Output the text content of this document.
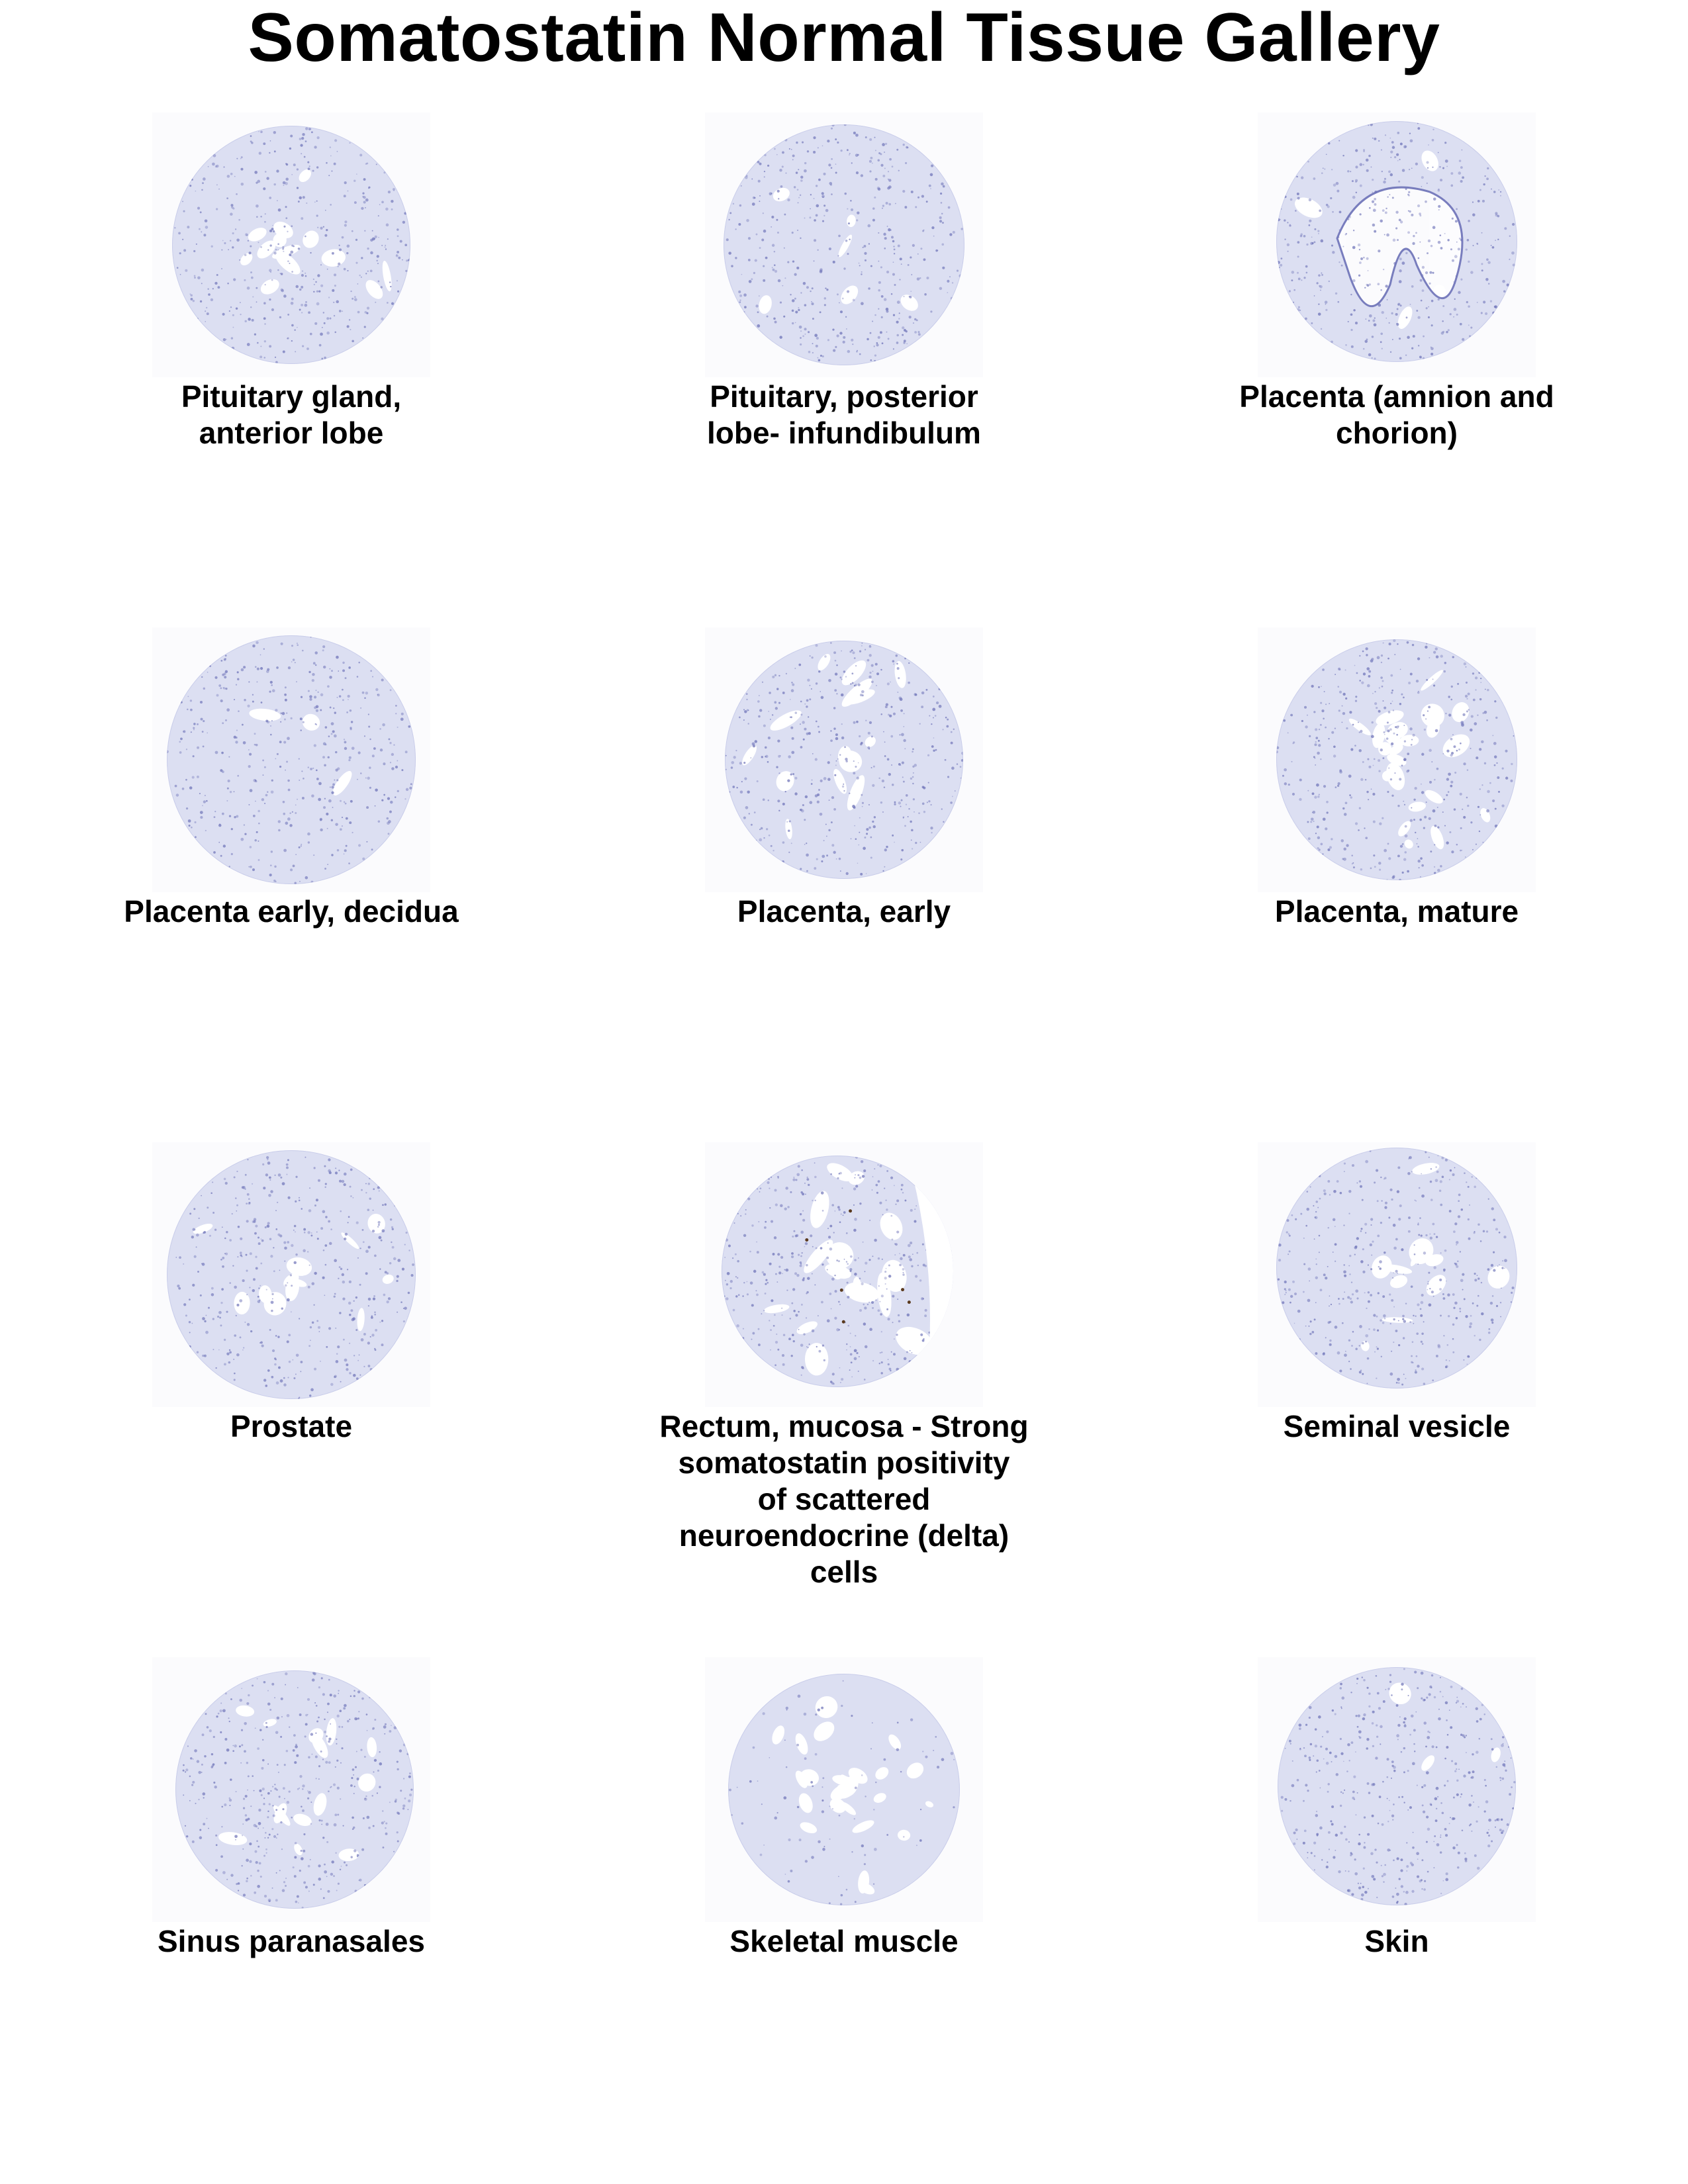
Somatostatin Normal Tissue Gallery
Pituitary gland,
anterior lobe
Pituitary, posterior
lobe- infundibulum
Placenta (amnion and
chorion)
Placenta early, decidua	Placenta, early	Placenta, mature
Prostate	Rectum, mucosa - Strong
somatostatin positivity
of scattered
neuroendocrine (delta)
cells
Seminal vesicle
Sinus paranasales	Skeletal muscle	Skin
